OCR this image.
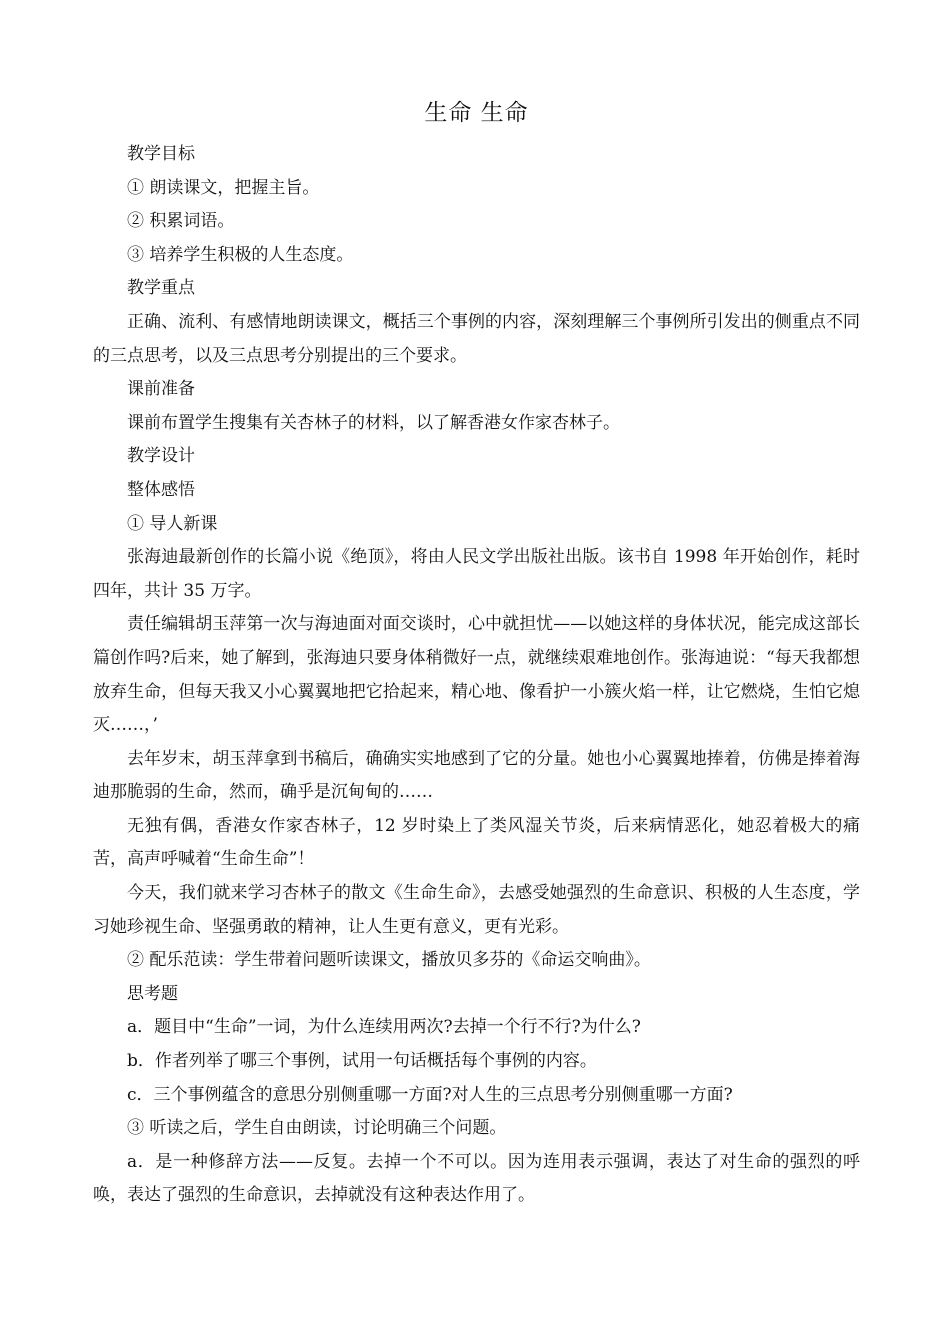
生命 生命

教学目标

① 朗读课文，把握主旨。

② 积累词语。

③ 培养学生积极的人生态度。

教学重点

正确、流利、有感情地朗读课文，概括三个事例的内容，深刻理解三个事例所引发出的侧重点不同的三点思考，以及三点思考分别提出的三个要求。

课前准备

课前布置学生搜集有关杏林子的材料，以了解香港女作家杏林子。

教学设计

整体感悟

① 导人新课

张海迪最新创作的长篇小说《绝顶》，将由人民文学出版社出版。该书自 1998 年开始创作，耗时四年，共计 35 万字。

责任编辑胡玉萍第一次与海迪面对面交谈时，心中就担忧——以她这样的身体状况，能完成这部长篇创作吗?后来，她了解到，张海迪只要身体稍微好一点，就继续艰难地创作。张海迪说：“每天我都想放弃生命，但每天我又小心翼翼地把它拾起来，精心地、像看护一小簇火焰一样，让它燃烧，生怕它熄灭……，’

去年岁末，胡玉萍拿到书稿后，确确实实地感到了它的分量。她也小心翼翼地捧着，仿佛是捧着海迪那脆弱的生命，然而，确乎是沉甸甸的……

无独有偶，香港女作家杏林子，12 岁时染上了类风湿关节炎，后来病情恶化，她忍着极大的痛苦，高声呼喊着“生命生命”！

今天，我们就来学习杏林子的散文《生命生命》，去感受她强烈的生命意识、积极的人生态度，学习她珍视生命、坚强勇敢的精神，让人生更有意义，更有光彩。

② 配乐范读：学生带着问题听读课文，播放贝多芬的《命运交响曲》。

思考题

a．题目中“生命”一词，为什么连续用两次?去掉一个行不行?为什么?

b．作者列举了哪三个事例，试用一句话概括每个事例的内容。

c．三个事例蕴含的意思分别侧重哪一方面?对人生的三点思考分别侧重哪一方面?

③ 听读之后，学生自由朗读，讨论明确三个问题。

a．是一种修辞方法——反复。去掉一个不可以。因为连用表示强调，表达了对生命的强烈的呼唤，表达了强烈的生命意识，去掉就没有这种表达作用了。
